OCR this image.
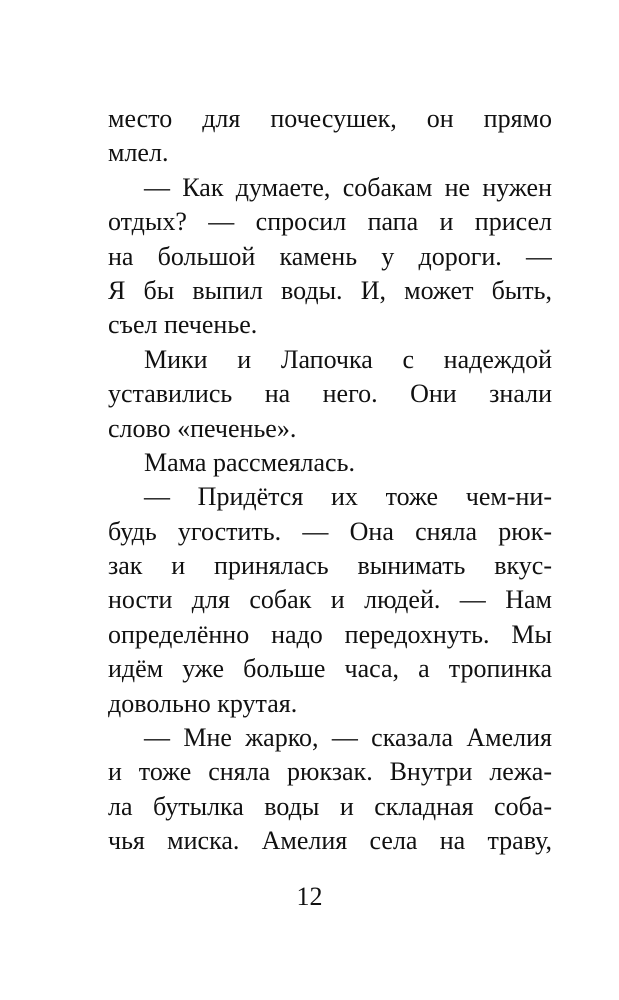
место для почесушек, он прямо
млел.
— Как думаете, собакам не нужен
отдых? — спросил папа и присел
на большой камень у дороги. —
Я бы выпил воды. И, может быть,
съел печенье.
Мики и Лапочка с надеждой
уставились на него. Они знали
слово «печенье».
Мама рассмеялась.
— Придётся их тоже чем-ни-
будь угостить. — Она сняла рюк-
зак и принялась вынимать вкус-
ности для собак и людей. — Нам
определённо надо передохнуть. Мы
идём уже больше часа, а тропинка
довольно крутая.
— Мне жарко, — сказала Амелия
и тоже сняла рюкзак. Внутри лежа-
ла бутылка воды и складная соба-
чья миска. Амелия села на траву,
12
